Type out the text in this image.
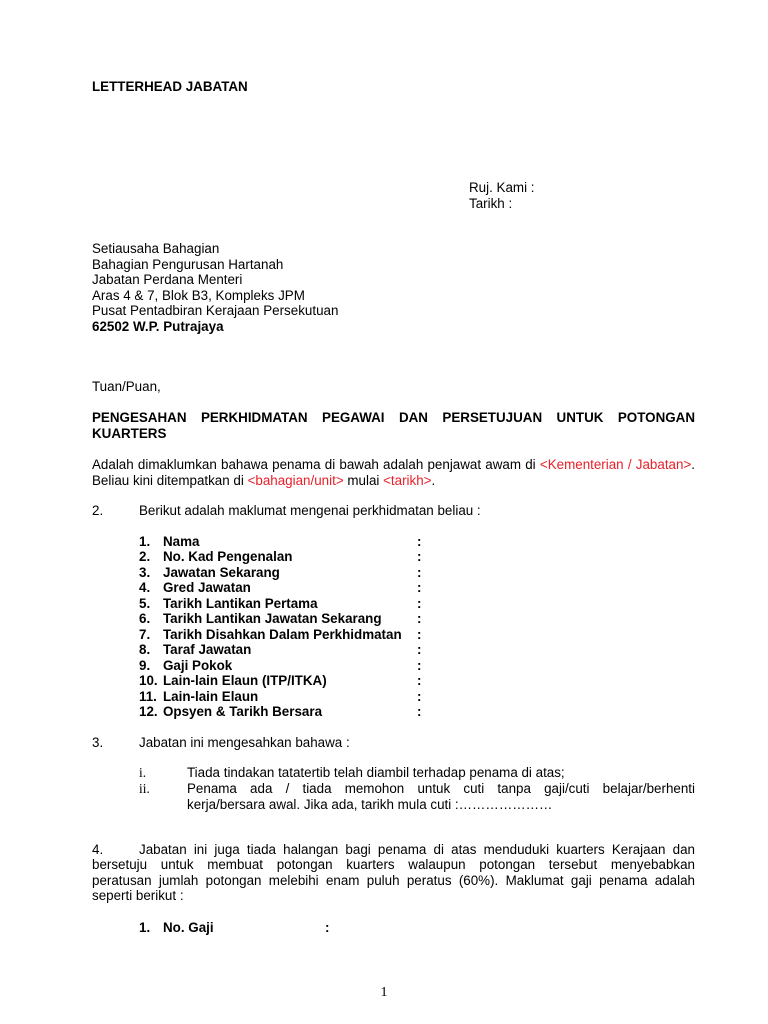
LETTERHEAD JABATAN
Ruj. Kami :
Tarikh :
Setiausaha Bahagian
Bahagian Pengurusan Hartanah
Jabatan Perdana Menteri
Aras 4 & 7, Blok B3, Kompleks JPM
Pusat Pentadbiran Kerajaan Persekutuan
62502 W.P. Putrajaya
Tuan/Puan,
PENGESAHAN PERKHIDMATAN PEGAWAI DAN PERSETUJUAN UNTUK POTONGAN
KUARTERS
Adalah dimaklumkan bahawa penama di bawah adalah penjawat awam di <Kementerian / Jabatan>. Beliau kini ditempatkan di <bahagian/unit> mulai <tarikh>.
2.	Berikut adalah maklumat mengenai perkhidmatan beliau :
1. Nama	:
2. No. Kad Pengenalan	:
3. Jawatan Sekarang	:
4. Gred Jawatan	:
5. Tarikh Lantikan Pertama	:
6. Tarikh Lantikan Jawatan Sekarang	:
7. Tarikh Disahkan Dalam Perkhidmatan :
8. Taraf Jawatan	:
9. Gaji Pokok	:
10. Lain-lain Elaun (ITP/ITKA)	:
11. Lain-lain Elaun	:
12. Opsyen & Tarikh Bersara	:
3.	Jabatan ini mengesahkan bahawa :
i.	Tiada tindakan tatatertib telah diambil terhadap penama di atas;
ii.	Penama ada / tiada memohon untuk cuti tanpa gaji/cuti belajar/berhenti
kerja/bersara awal. Jika ada, tarikh mula cuti :…………………
4.	Jabatan ini juga tiada halangan bagi penama di atas menduduki kuarters Kerajaan dan
bersetuju untuk membuat potongan kuarters walaupun potongan tersebut menyebabkan
peratusan jumlah potongan melebihi enam puluh peratus (60%). Maklumat gaji penama adalah
seperti berikut :
1. No. Gaji	:
1
